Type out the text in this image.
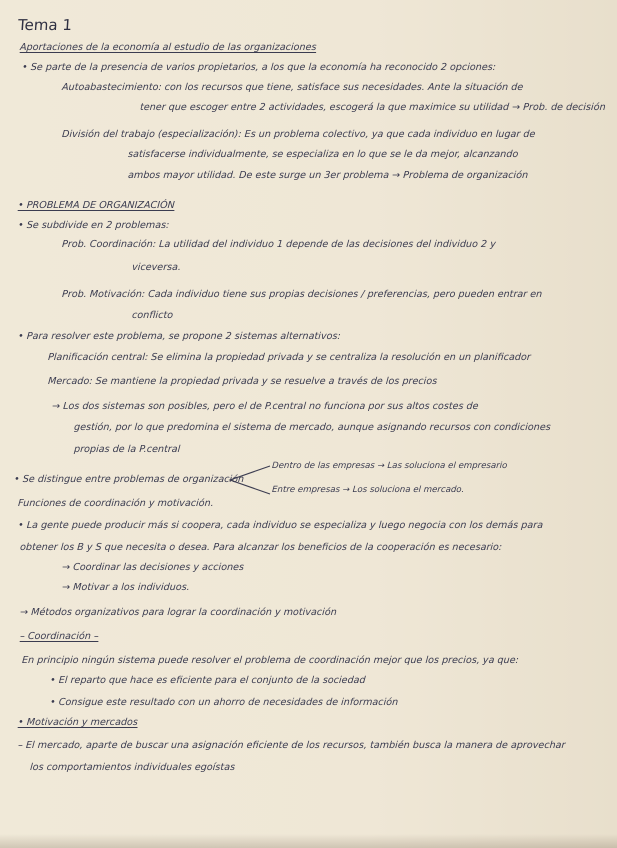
Tema 1
Aportaciones de la economía al estudio de las organizaciones
• Se parte de la presencia de varios propietarios, a los que la economía ha reconocido 2 opciones:
Autoabastecimiento: con los recursos que tiene, satisface sus necesidades. Ante la situación de
tener que escoger entre 2 actividades, escogerá la que maximice su utilidad → Prob. de decisión
División del trabajo (especialización): Es un problema colectivo, ya que cada individuo en lugar de
satisfacerse individualmente, se especializa en lo que se le da mejor, alcanzando
ambos mayor utilidad. De este surge un 3er problema → Problema de organización
• PROBLEMA DE ORGANIZACIÓN
• Se subdivide en 2 problemas:
Prob. Coordinación: La utilidad del individuo 1 depende de las decisiones del individuo 2 y
viceversa.
Prob. Motivación: Cada individuo tiene sus propias decisiones / preferencias, pero pueden entrar en
conflicto
• Para resolver este problema, se propone 2 sistemas alternativos:
Planificación central: Se elimina la propiedad privada y se centraliza la resolución en un planificador
Mercado: Se mantiene la propiedad privada y se resuelve a través de los precios
→ Los dos sistemas son posibles, pero el de P.central no funciona por sus altos costes de
gestión, por lo que predomina el sistema de mercado, aunque asignando recursos con condiciones
propias de la P.central
Dentro de las empresas → Las soluciona el empresario
• Se distingue entre problemas de organización
Entre empresas → Los soluciona el mercado.
Funciones de coordinación y motivación.
• La gente puede producir más si coopera, cada individuo se especializa y luego negocia con los demás para
obtener los B y S que necesita o desea. Para alcanzar los beneficios de la cooperación es necesario:
→ Coordinar las decisiones y acciones
→ Motivar a los individuos.
→ Métodos organizativos para lograr la coordinación y motivación
– Coordinación –
En principio ningún sistema puede resolver el problema de coordinación mejor que los precios, ya que:
• El reparto que hace es eficiente para el conjunto de la sociedad
• Consigue este resultado con un ahorro de necesidades de información
• Motivación y mercados
– El mercado, aparte de buscar una asignación eficiente de los recursos, también busca la manera de aprovechar
los comportamientos individuales egoístas
